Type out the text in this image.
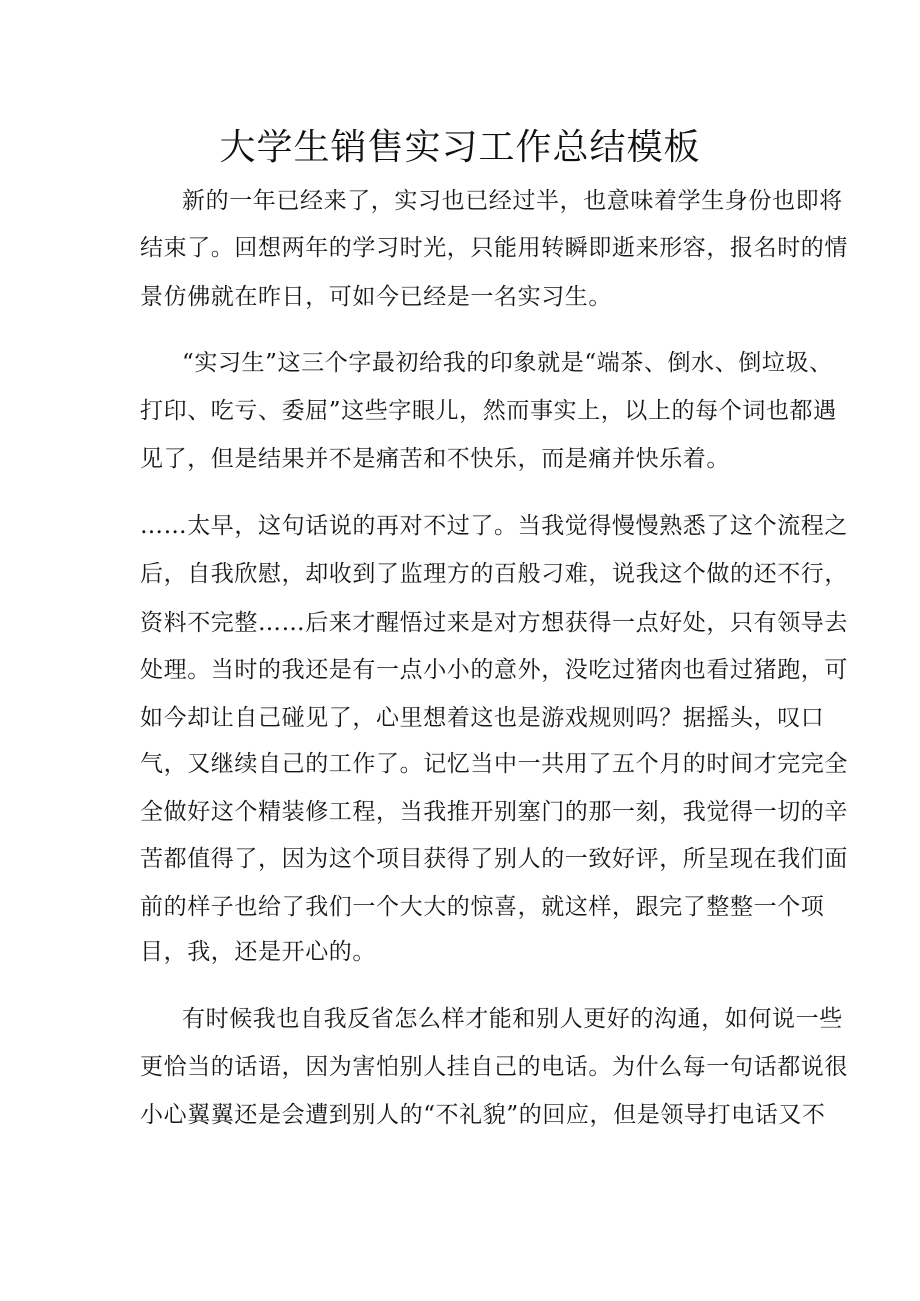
大学生销售实习工作总结模板
新的一年已经来了，实习也已经过半，也意味着学生身份也即将
结束了。回想两年的学习时光，只能用转瞬即逝来形容，报名时的情
景仿佛就在昨日，可如今已经是一名实习生。
“实习生”这三个字最初给我的印象就是“端茶、倒水、倒垃圾、
打印、吃亏、委屈”这些字眼儿，然而事实上，以上的每个词也都遇
见了，但是结果并不是痛苦和不快乐，而是痛并快乐着。
……太早，这句话说的再对不过了。当我觉得慢慢熟悉了这个流程之
后，自我欣慰，却收到了监理方的百般刁难，说我这个做的还不行，
资料不完整……后来才醒悟过来是对方想获得一点好处，只有领导去
处理。当时的我还是有一点小小的意外，没吃过猪肉也看过猪跑，可
如今却让自己碰见了，心里想着这也是游戏规则吗？据摇头，叹口
气，又继续自己的工作了。记忆当中一共用了五个月的时间才完完全
全做好这个精装修工程，当我推开别塞门的那一刻，我觉得一切的辛
苦都值得了，因为这个项目获得了别人的一致好评，所呈现在我们面
前的样子也给了我们一个大大的惊喜，就这样，跟完了整整一个项
目，我，还是开心的。
有时候我也自我反省怎么样才能和别人更好的沟通，如何说一些
更恰当的话语，因为害怕别人挂自己的电话。为什么每一句话都说很
小心翼翼还是会遭到别人的“不礼貌”的回应，但是领导打电话又不
